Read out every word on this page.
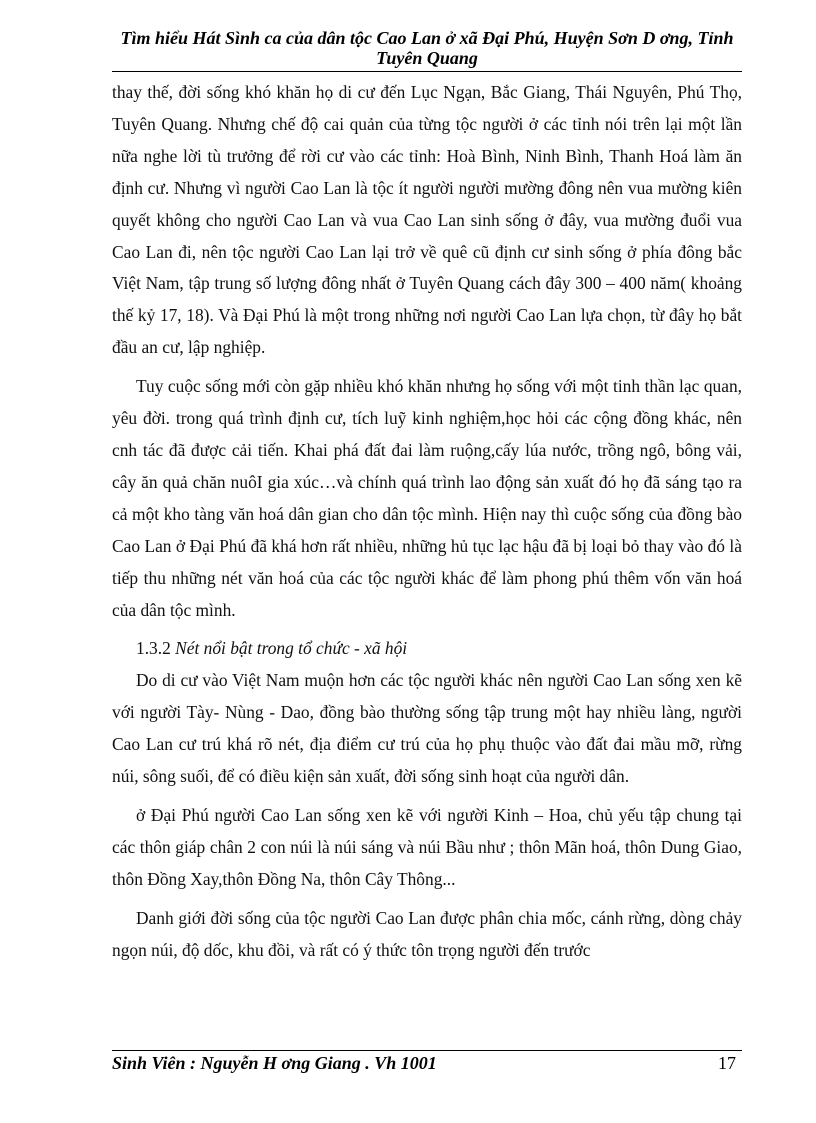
Tìm hiểu Hát Sình ca của dân tộc Cao Lan ở xã Đại Phú, Huyện Sơn D ơng, Tỉnh Tuyên Quang

thay thế, đời sống khó khăn họ di cư đến Lục Ngạn, Bắc Giang, Thái Nguyên, Phú Thọ, Tuyên Quang. Nhưng chế độ cai quản của từng tộc người ở các tỉnh nói trên lại một lần nữa nghe lời tù trưởng để rời cư vào các tỉnh: Hoà Bình, Ninh Bình, Thanh Hoá làm ăn định cư. Nhưng vì người Cao Lan là tộc ít người người mường đông nên vua mường kiên quyết không cho người Cao Lan và vua Cao Lan sinh sống ở đây, vua mường đuổi vua Cao Lan đi, nên tộc người Cao Lan lại trở về quê cũ định cư sinh sống ở phía đông bắc Việt Nam, tập trung số lượng đông nhất ở Tuyên Quang cách đây 300 – 400 năm( khoảng thế kỷ 17, 18). Và Đại Phú là một trong những nơi người Cao Lan lựa chọn, từ đây họ bắt đầu an cư, lập nghiệp.

Tuy cuộc sống mới còn gặp nhiều khó khăn nhưng họ sống với một tinh thần lạc quan, yêu đời. trong quá trình định cư, tích luỹ kinh nghiệm,học hỏi các cộng đồng khác, nên cnh tác đã được cải tiến. Khai phá đất đai làm ruộng,cấy lúa nước, trồng ngô, bông vải, cây ăn quả chăn nuôI gia xúc…và chính quá trình lao động sản xuất đó họ đã sáng tạo ra cả một kho tàng văn hoá dân gian cho dân tộc mình. Hiện nay thì cuộc sống của đồng bào Cao Lan ở Đại Phú đã khá hơn rất nhiều, những hủ tục lạc hậu đã bị loại bỏ thay vào đó là tiếp thu những nét văn hoá của các tộc người khác để làm phong phú thêm vốn văn hoá của dân tộc mình.

1.3.2 Nét nổi bật trong tổ chức - xã hội

Do di cư vào Việt Nam muộn hơn các tộc người khác nên người Cao Lan sống xen kẽ với người Tày- Nùng - Dao, đồng bào thường sống tập trung một hay nhiều làng, người Cao Lan cư trú khá rõ nét, địa điểm cư trú của họ phụ thuộc vào đất đai mầu mỡ, rừng núi, sông suối, để có điều kiện sản xuất, đời sống sinh hoạt của người dân.

ở Đại Phú người Cao Lan sống xen kẽ với người Kinh – Hoa, chủ yếu tập chung tại các thôn giáp chân 2 con núi là núi sáng và núi Bầu như ; thôn Mãn hoá, thôn Dung Giao, thôn Đồng Xay,thôn Đồng Na, thôn Cây Thông...

Danh giới đời sống của tộc người Cao Lan được phân chia mốc, cánh rừng, dòng chảy ngọn núi, độ dốc, khu đồi, và rất có ý thức tôn trọng người đến trước

Sinh Viên : Nguyễn H ơng Giang . Vh 1001	17
